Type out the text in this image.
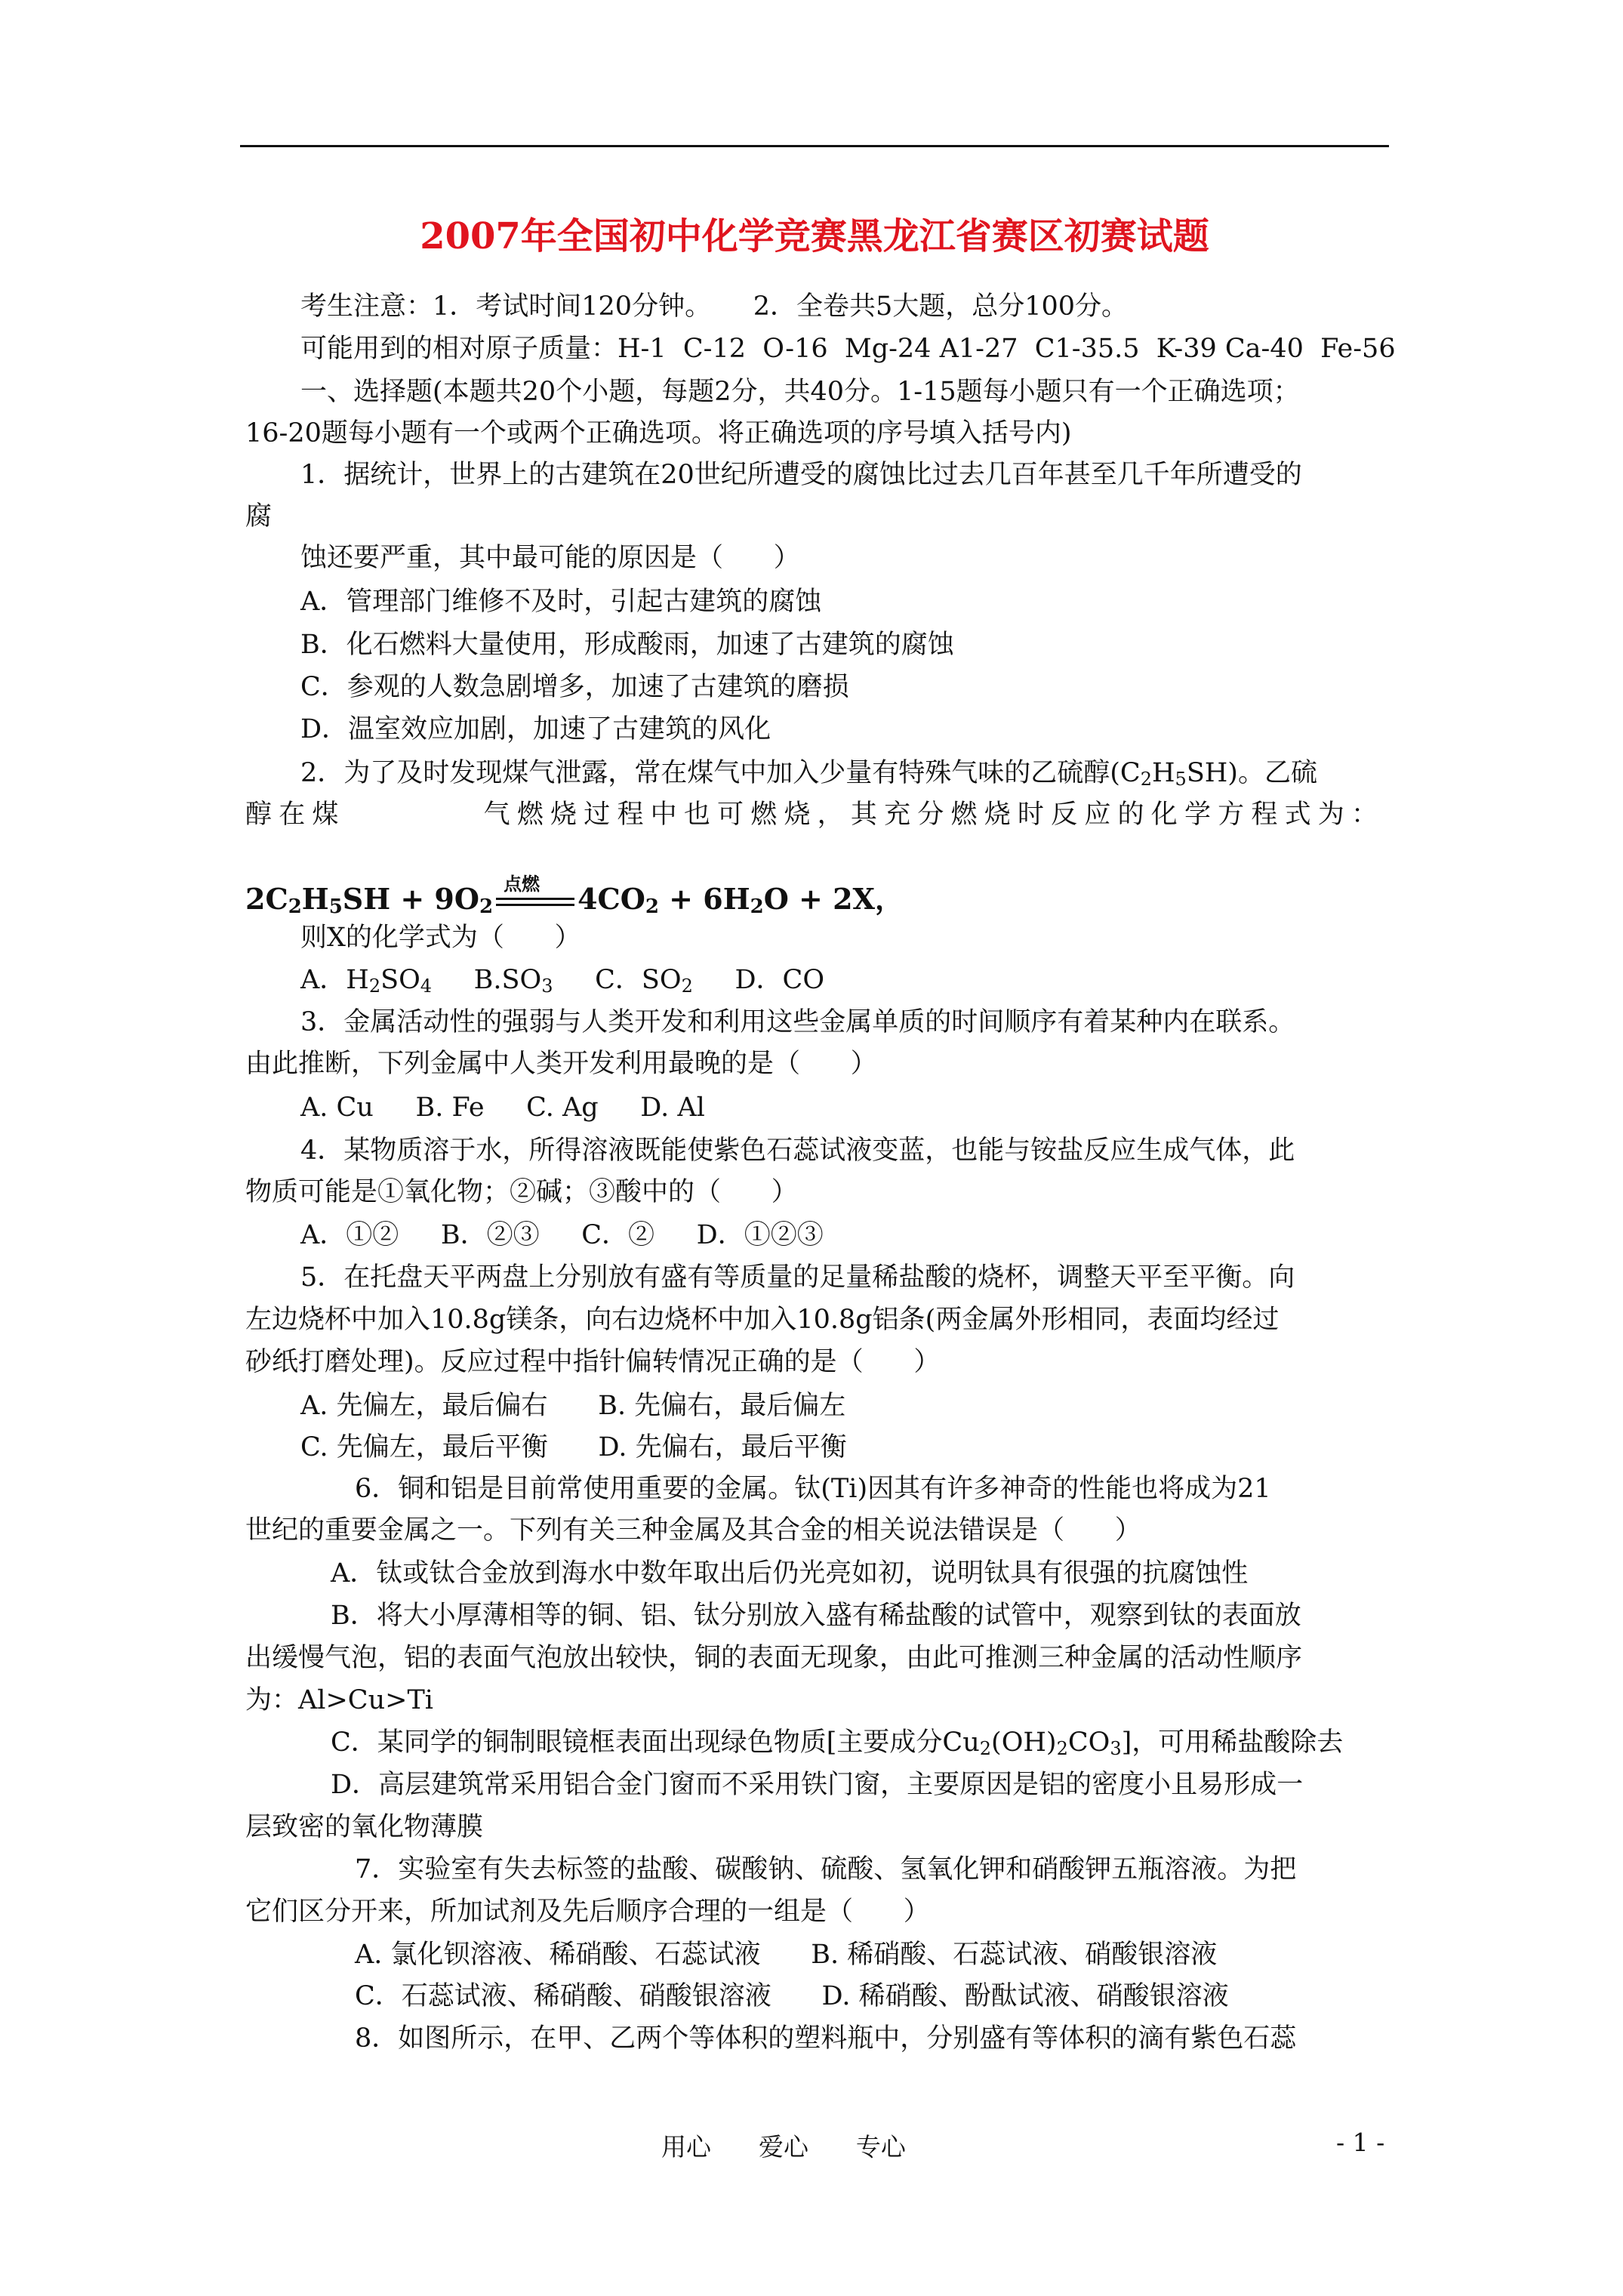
2007年全国初中化学竞赛黑龙江省赛区初赛试题
考生注意：1．考试时间120分钟。     2．全卷共5大题，总分100分。
可能用到的相对原子质量：H-1  C-12  O-16  Mg-24 A1-27  C1-35.5  K-39 Ca-40  Fe-56
一、选择题(本题共20个小题，每题2分，共40分。1-15题每小题只有一个正确选项；
16-20题每小题有一个或两个正确选项。将正确选项的序号填入括号内)
1．据统计，世界上的古建筑在20世纪所遭受的腐蚀比过去几百年甚至几千年所遭受的
腐
蚀还要严重，其中最可能的原因是（      ）
A．管理部门维修不及时，引起古建筑的腐蚀
B．化石燃料大量使用，形成酸雨，加速了古建筑的腐蚀
C．参观的人数急剧增多，加速了古建筑的磨损
D．温室效应加剧，加速了古建筑的风化
2．为了及时发现煤气泄露，常在煤气中加入少量有特殊气味的乙硫醇$(C_2H_5SH)$。乙硫
醇在煤         气燃烧过程中也可燃烧，其充分燃烧时反应的化学方程式为：
$2C_2H_5SH + 9O_2$
点燃 $4CO_2 + 6H_2O + 2X$，
则X的化学式为（      ）
A．$H_2SO_4$     $B.SO_3$     C．$SO_2$     D．CO
3．金属活动性的强弱与人类开发和利用这些金属单质的时间顺序有着某种内在联系。
由此推断，下列金属中人类开发利用最晚的是（      ）
A. Cu     B. Fe     C. Ag     D. Al
4．某物质溶于水，所得溶液既能使紫色石蕊试液变蓝，也能与铵盐反应生成气体，此
物质可能是①氧化物；②碱；③酸中的（      ）
A．①②     B．②③     C．②     D．①②③
5．在托盘天平两盘上分别放有盛有等质量的足量稀盐酸的烧杯，调整天平至平衡。向
左边烧杯中加入10.8g镁条，向右边烧杯中加入10.8g铝条(两金属外形相同，表面均经过
砂纸打磨处理)。反应过程中指针偏转情况正确的是（      ）
A. 先偏左，最后偏右      B. 先偏右，最后偏左
C. 先偏左，最后平衡      D. 先偏右，最后平衡
6．铜和铝是目前常使用重要的金属。钛(Ti)因其有许多神奇的性能也将成为21
世纪的重要金属之一。下列有关三种金属及其合金的相关说法错误是（      ）
A．钛或钛合金放到海水中数年取出后仍光亮如初，说明钛具有很强的抗腐蚀性
B．将大小厚薄相等的铜、铝、钛分别放入盛有稀盐酸的试管中，观察到钛的表面放
出缓慢气泡，铝的表面气泡放出较快，铜的表面无现象，由此可推测三种金属的活动性顺序
为：Al>Cu>Ti
C．某同学的铜制眼镜框表面出现绿色物质[主要成分$Cu_2(OH)_2CO_3$]，可用稀盐酸除去
D．高层建筑常采用铝合金门窗而不采用铁门窗，主要原因是铝的密度小且易形成一
层致密的氧化物薄膜
7．实验室有失去标签的盐酸、碳酸钠、硫酸、氢氧化钾和硝酸钾五瓶溶液。为把
它们区分开来，所加试剂及先后顺序合理的一组是（      ）
A. 氯化钡溶液、稀硝酸、石蕊试液      B. 稀硝酸、石蕊试液、硝酸银溶液
C．石蕊试液、稀硝酸、硝酸银溶液      D. 稀硝酸、酚酞试液、硝酸银溶液
8．如图所示，在甲、乙两个等体积的塑料瓶中，分别盛有等体积的滴有紫色石蕊
用心      爱心      专心	- 1 -
